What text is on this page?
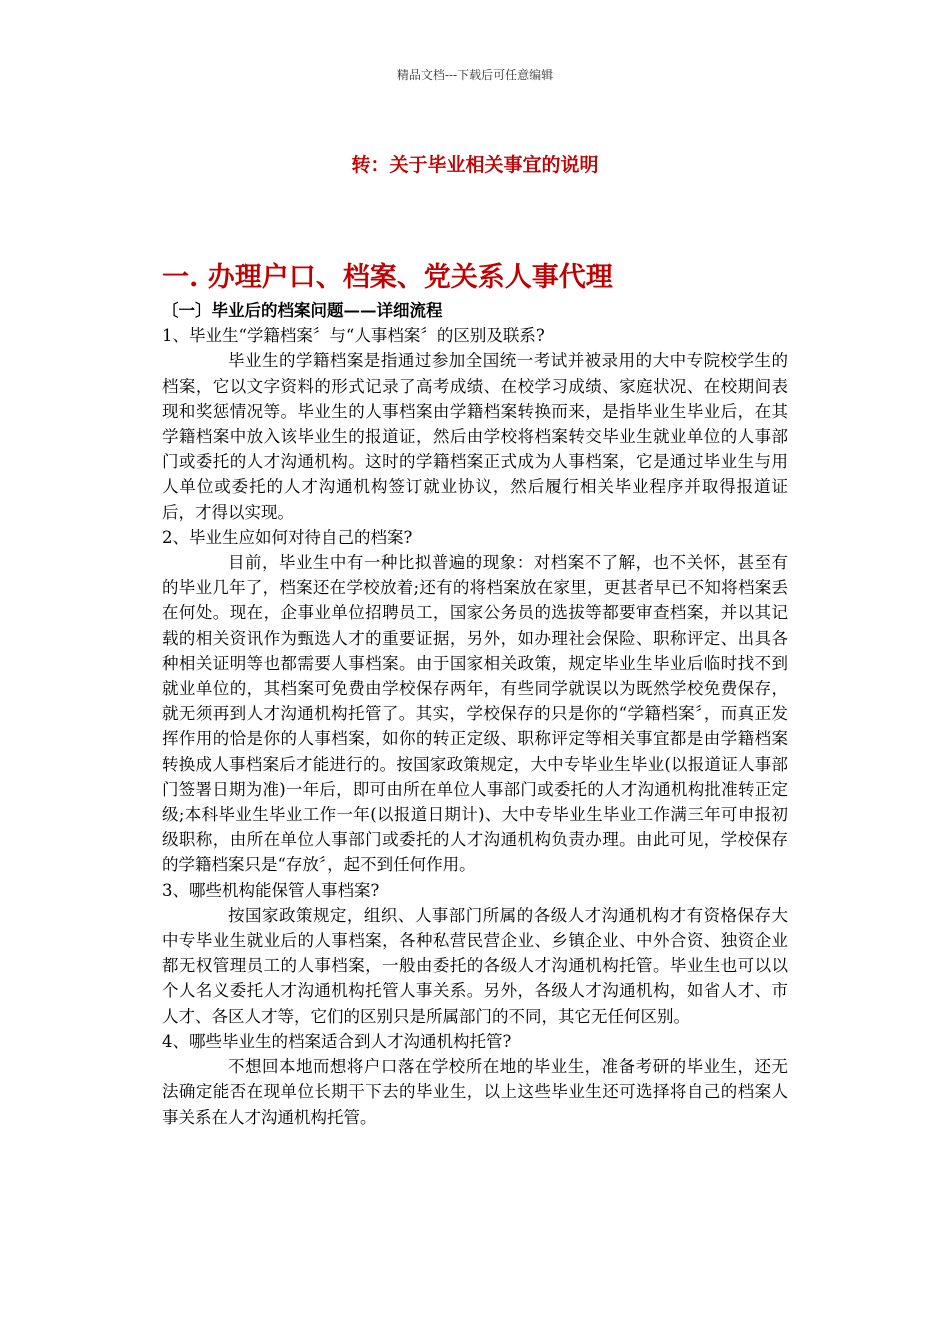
精品文档---下载后可任意编辑
转：关于毕业相关事宜的说明
一. 办理户口、档案、党关系人事代理
〔一〕毕业后的档案问题——详细流程
1、毕业生“学籍档案〞与“人事档案〞的区别及联系?

毕业生的学籍档案是指通过参加全国统一考试并被录用的大中专院校学生的档案，它以文字资料的形式记录了高考成绩、在校学习成绩、家庭状况、在校期间表现和奖惩情况等。毕业生的人事档案由学籍档案转换而来，是指毕业生毕业后，在其学籍档案中放入该毕业生的报道证，然后由学校将档案转交毕业生就业单位的人事部门或委托的人才沟通机构。这时的学籍档案正式成为人事档案，它是通过毕业生与用人单位或委托的人才沟通机构签订就业协议，然后履行相关毕业程序并取得报道证后，才得以实现。

2、毕业生应如何对待自己的档案?

目前，毕业生中有一种比拟普遍的现象：对档案不了解，也不关怀，甚至有的毕业几年了，档案还在学校放着;还有的将档案放在家里，更甚者早已不知将档案丢在何处。现在，企事业单位招聘员工，国家公务员的选拔等都要审查档案，并以其记载的相关资讯作为甄选人才的重要证据，另外，如办理社会保险、职称评定、出具各种相关证明等也都需要人事档案。由于国家相关政策，规定毕业生毕业后临时找不到就业单位的，其档案可免费由学校保存两年，有些同学就误以为既然学校免费保存，就无须再到人才沟通机构托管了。其实，学校保存的只是你的“学籍档案〞，而真正发挥作用的恰是你的人事档案，如你的转正定级、职称评定等相关事宜都是由学籍档案转换成人事档案后才能进行的。按国家政策规定，大中专毕业生毕业(以报道证人事部门签署日期为准)一年后，即可由所在单位人事部门或委托的人才沟通机构批准转正定级;本科毕业生毕业工作一年(以报道日期计)、大中专毕业生毕业工作满三年可申报初级职称，由所在单位人事部门或委托的人才沟通机构负责办理。由此可见，学校保存的学籍档案只是“存放〞，起不到任何作用。

3、哪些机构能保管人事档案?

按国家政策规定，组织、人事部门所属的各级人才沟通机构才有资格保存大中专毕业生就业后的人事档案，各种私营民营企业、乡镇企业、中外合资、独资企业都无权管理员工的人事档案，一般由委托的各级人才沟通机构托管。毕业生也可以以个人名义委托人才沟通机构托管人事关系。另外，各级人才沟通机构，如省人才、市人才、各区人才等，它们的区别只是所属部门的不同，其它无任何区别。

4、哪些毕业生的档案适合到人才沟通机构托管?

不想回本地而想将户口落在学校所在地的毕业生，准备考研的毕业生，还无法确定能否在现单位长期干下去的毕业生，以上这些毕业生还可选择将自己的档案人事关系在人才沟通机构托管。
